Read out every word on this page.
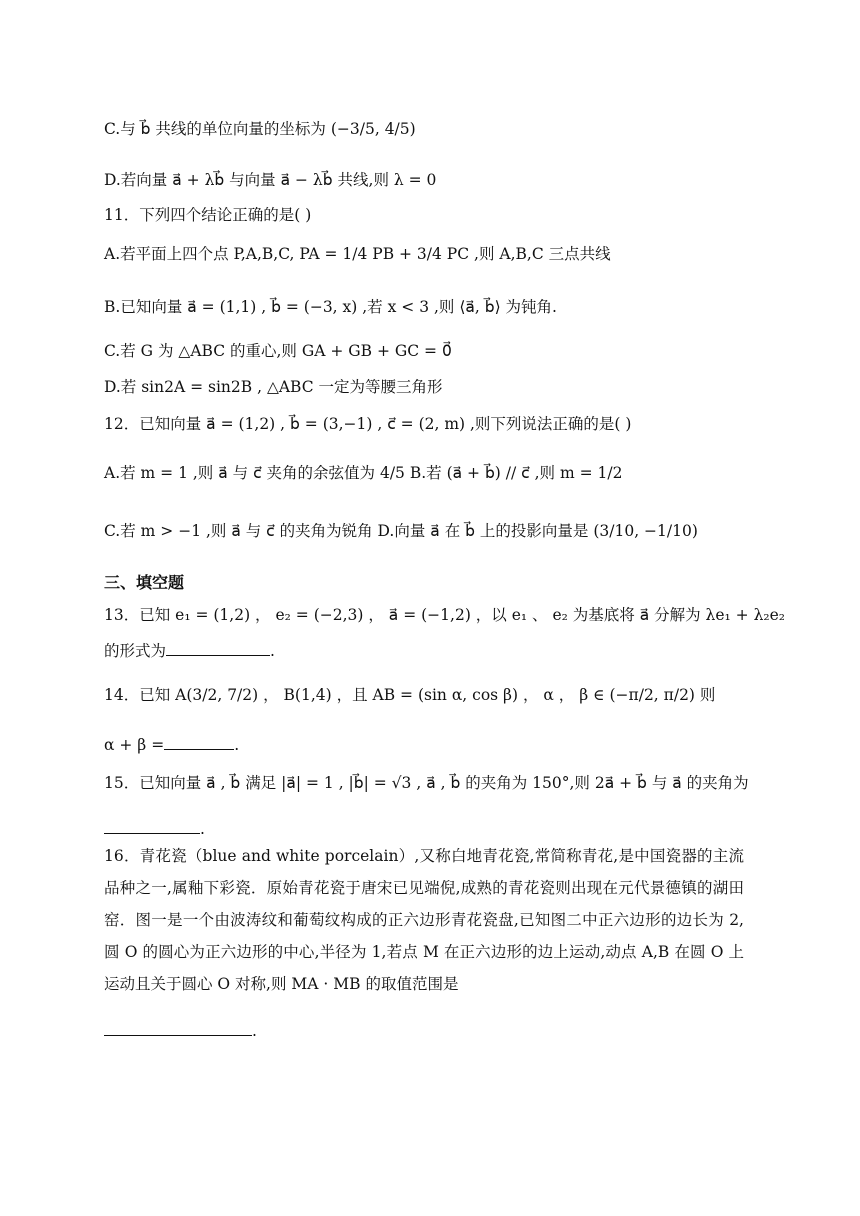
C.与 b⃗ 共线的单位向量的坐标为 (−3/5, 4/5)
D.若向量 a⃗ + λb⃗ 与向量 a⃗ − λb⃗ 共线,则 λ = 0
11．下列四个结论正确的是( )
A.若平面上四个点 P,A,B,C, PA = 1/4 PB + 3/4 PC ,则 A,B,C 三点共线
B.已知向量 a⃗ = (1,1) , b⃗ = (−3, x) ,若 x < 3 ,则 ⟨a⃗, b⃗⟩ 为钝角.
C.若 G 为 △ABC 的重心,则 GA + GB + GC = 0⃗
D.若 sin2A = sin2B , △ABC 一定为等腰三角形
12．已知向量 a⃗ = (1,2) , b⃗ = (3,−1) , c⃗ = (2, m) ,则下列说法正确的是( )
A.若 m = 1 ,则 a⃗ 与 c⃗ 夹角的余弦值为 4/5 B.若 (a⃗ + b⃗) // c⃗ ,则 m = 1/2
C.若 m > −1 ,则 a⃗ 与 c⃗ 的夹角为锐角 D.向量 a⃗ 在 b⃗ 上的投影向量是 (3/10, −1/10)
三、填空题
13．已知 e₁ = (1,2) ， e₂ = (−2,3) ， a⃗ = (−1,2) ，以 e₁ 、 e₂ 为基底将 a⃗ 分解为 λe₁ + λ₂e₂
的形式为	.
14．已知 A(3/2, 7/2) ， B(1,4) ，且 AB = (sin α, cos β) ， α ， β ∈ (−π/2, π/2) 则
α + β =	.
15．已知向量 a⃗ , b⃗ 满足 |a⃗| = 1 , |b⃗| = √3 , a⃗ , b⃗ 的夹角为 150°,则 2a⃗ + b⃗ 与 a⃗ 的夹角为
.
16．青花瓷（blue and white porcelain）,又称白地青花瓷,常简称青花,是中国瓷器的主流品种之一,属釉下彩瓷．原始青花瓷于唐宋已见端倪,成熟的青花瓷则出现在元代景德镇的湖田窑．图一是一个由波涛纹和葡萄纹构成的正六边形青花瓷盘,已知图二中正六边形的边长为 2,圆 O 的圆心为正六边形的中心,半径为 1,若点 M 在正六边形的边上运动,动点 A,B 在圆 O 上运动且关于圆心 O 对称,则 MA · MB 的取值范围是
.
